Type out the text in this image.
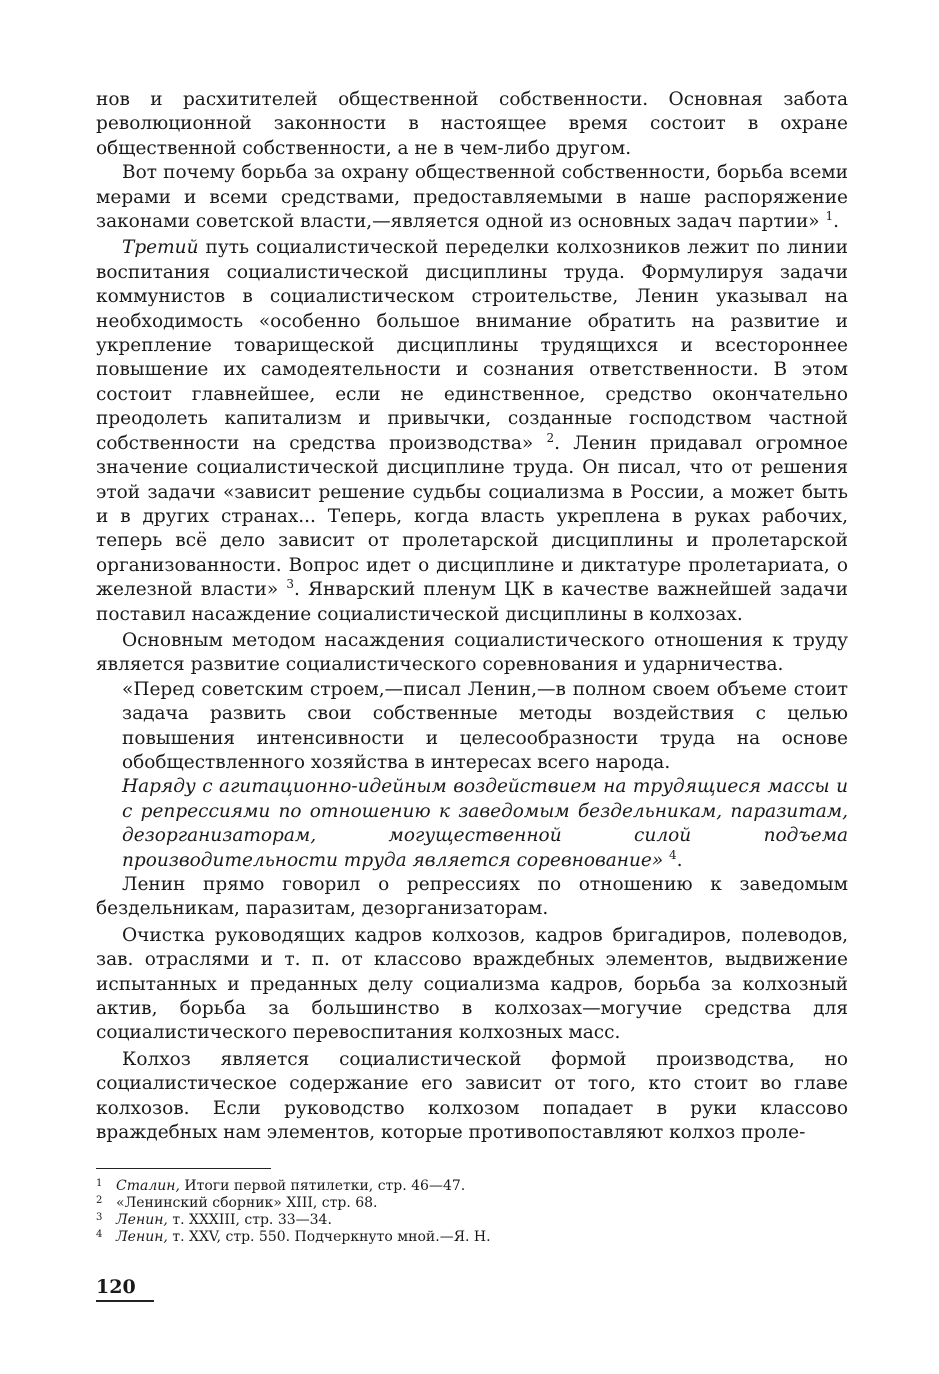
нов и расхитителей общественной собственности. Основная забота революционной законности в настоящее время состоит в охране общественной собственности, а не в чем-либо другом.

Вот почему борьба за охрану общественной собственности, борьба всеми мерами и всеми средствами, предоставляемыми в наше распоряжение законами советской власти,—является одной из основных задач партии» $^1$.

Третий путь социалистической переделки колхозников лежит по линии воспитания социалистической дисциплины труда. Формулируя задачи коммунистов в социалистическом строительстве, Ленин указывал на необходимость «особенно большое внимание обратить на развитие и укрепление товарищеской дисциплины трудящихся и всестороннее повышение их самодеятельности и сознания ответственности. В этом состоит главнейшее, если не единственное, средство окончательно преодолеть капитализм и привычки, созданные господством частной собственности на средства производства» $^2$. Ленин придавал огромное значение социалистической дисциплине труда. Он писал, что от решения этой задачи «зависит решение судьбы социализма в России, а может быть и в других странах... Теперь, когда власть укреплена в руках рабочих, теперь всё дело зависит от пролетарской дисциплины и пролетарской организованности. Вопрос идет о дисциплине и диктатуре пролетариата, о железной власти» $^3$. Январский пленум ЦК в качестве важнейшей задачи поставил насаждение социалистической дисциплины в колхозах.

Основным методом насаждения социалистического отношения к труду является развитие социалистического соревнования и ударничества.

«Перед советским строем,—писал Ленин,—в полном своем объеме стоит задача развить свои собственные методы воздействия с целью повышения интенсивности и целесообразности труда на основе обобществленного хозяйства в интересах всего народа.

Наряду с агитационно-идейным воздействием на трудящиеся массы и с репрессиями по отношению к заведомым бездельникам, паразитам, дезорганизаторам, могущественной силой подъема производительности труда является соревнование» $^4$.

Ленин прямо говорил о репрессиях по отношению к заведомым бездельникам, паразитам, дезорганизаторам.

Очистка руководящих кадров колхозов, кадров бригадиров, полеводов, зав. отраслями и т. п. от классово враждебных элементов, выдвижение испытанных и преданных делу социализма кадров, борьба за колхозный актив, борьба за большинство в колхозах—могучие средства для социалистического перевоспитания колхозных масс.

Колхоз является социалистической формой производства, но социалистическое содержание его зависит от того, кто стоит во главе колхозов. Если руководство колхозом попадает в руки классово враждебных нам элементов, которые противопоставляют колхоз проле-

1 Сталин, Итоги первой пятилетки, стр. 46—47.
2 «Ленинский сборник» XIII, стр. 68.
3 Ленин, т. XXXIII, стр. 33—34.
4 Ленин, т. XXV, стр. 550. Подчеркнуто мной.—Я. Н.
120
